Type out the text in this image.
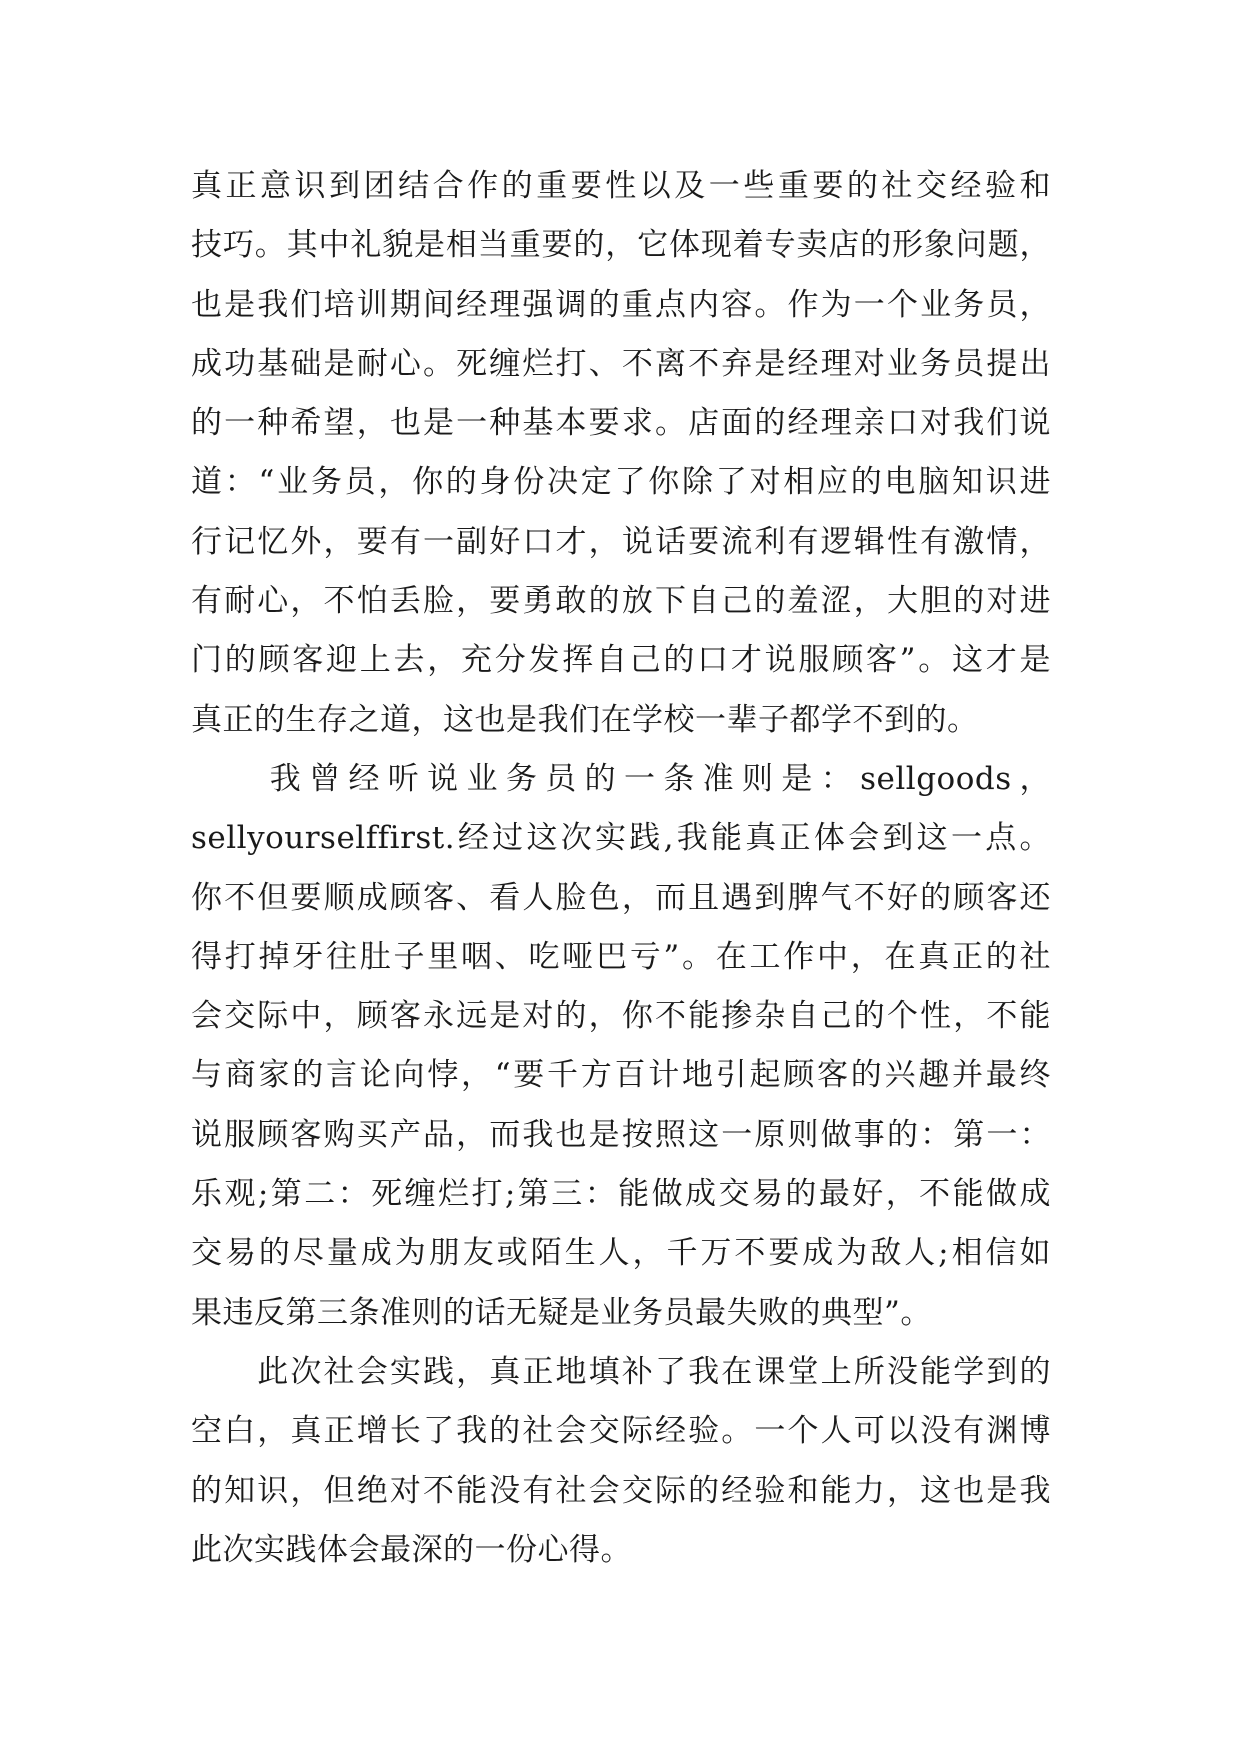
真正意识到团结合作的重要性以及一些重要的社交经验和
技巧。其中礼貌是相当重要的，它体现着专卖店的形象问题，
也是我们培训期间经理强调的重点内容。作为一个业务员，
成功基础是耐心。死缠烂打、不离不弃是经理对业务员提出
的一种希望，也是一种基本要求。店面的经理亲口对我们说
道：“业务员，你的身份决定了你除了对相应的电脑知识进
行记忆外，要有一副好口才，说话要流利有逻辑性有激情，
有耐心，不怕丢脸，要勇敢的放下自己的羞涩，大胆的对进
门的顾客迎上去，充分发挥自己的口才说服顾客”。这才是
真正的生存之道，这也是我们在学校一辈子都学不到的。
　　我曾经听说业务员的一条准则是：sellgoods，
sellyourselffirst.经过这次实践,我能真正体会到这一点。
你不但要顺成顾客、看人脸色，而且遇到脾气不好的顾客还
得打掉牙往肚子里咽、吃哑巴亏”。在工作中，在真正的社
会交际中，顾客永远是对的，你不能掺杂自己的个性，不能
与商家的言论向悖，“要千方百计地引起顾客的兴趣并最终
说服顾客购买产品，而我也是按照这一原则做事的：第一：
乐观;第二：死缠烂打;第三：能做成交易的最好，不能做成
交易的尽量成为朋友或陌生人，千万不要成为敌人;相信如
果违反第三条准则的话无疑是业务员最失败的典型”。
　　此次社会实践，真正地填补了我在课堂上所没能学到的
空白，真正增长了我的社会交际经验。一个人可以没有渊博
的知识，但绝对不能没有社会交际的经验和能力，这也是我
此次实践体会最深的一份心得。
